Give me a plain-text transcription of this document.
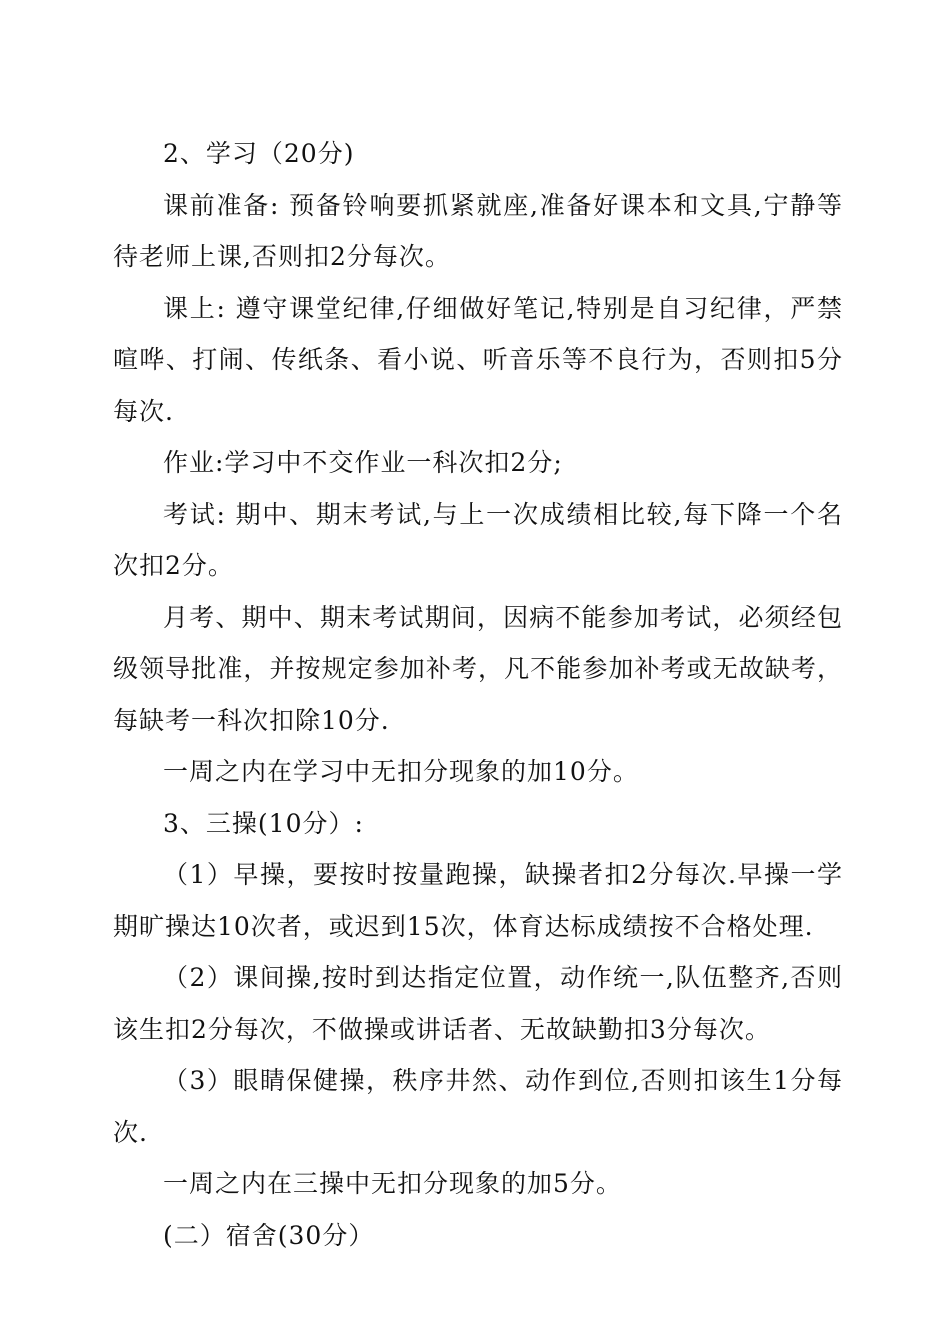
2、学习（20分)

课前准备: 预备铃响要抓紧就座,准备好课本和文具,宁静等待老师上课,否则扣2分每次。

课上: 遵守课堂纪律,仔细做好笔记,特别是自习纪律，严禁喧哗、打闹、传纸条、看小说、听音乐等不良行为，否则扣5分每次.

作业:学习中不交作业一科次扣2分;

考试: 期中、期末考试,与上一次成绩相比较,每下降一个名次扣2分。

月考、期中、期末考试期间，因病不能参加考试，必须经包级领导批准，并按规定参加补考，凡不能参加补考或无故缺考，每缺考一科次扣除10分.

一周之内在学习中无扣分现象的加10分。

3、三操(10分）:

（1）早操，要按时按量跑操，缺操者扣2分每次.早操一学期旷操达10次者，或迟到15次，体育达标成绩按不合格处理.

（2）课间操,按时到达指定位置，动作统一,队伍整齐,否则该生扣2分每次，不做操或讲话者、无故缺勤扣3分每次。

（3）眼睛保健操，秩序井然、动作到位,否则扣该生1分每次.

一周之内在三操中无扣分现象的加5分。

(二）宿舍(30分）
